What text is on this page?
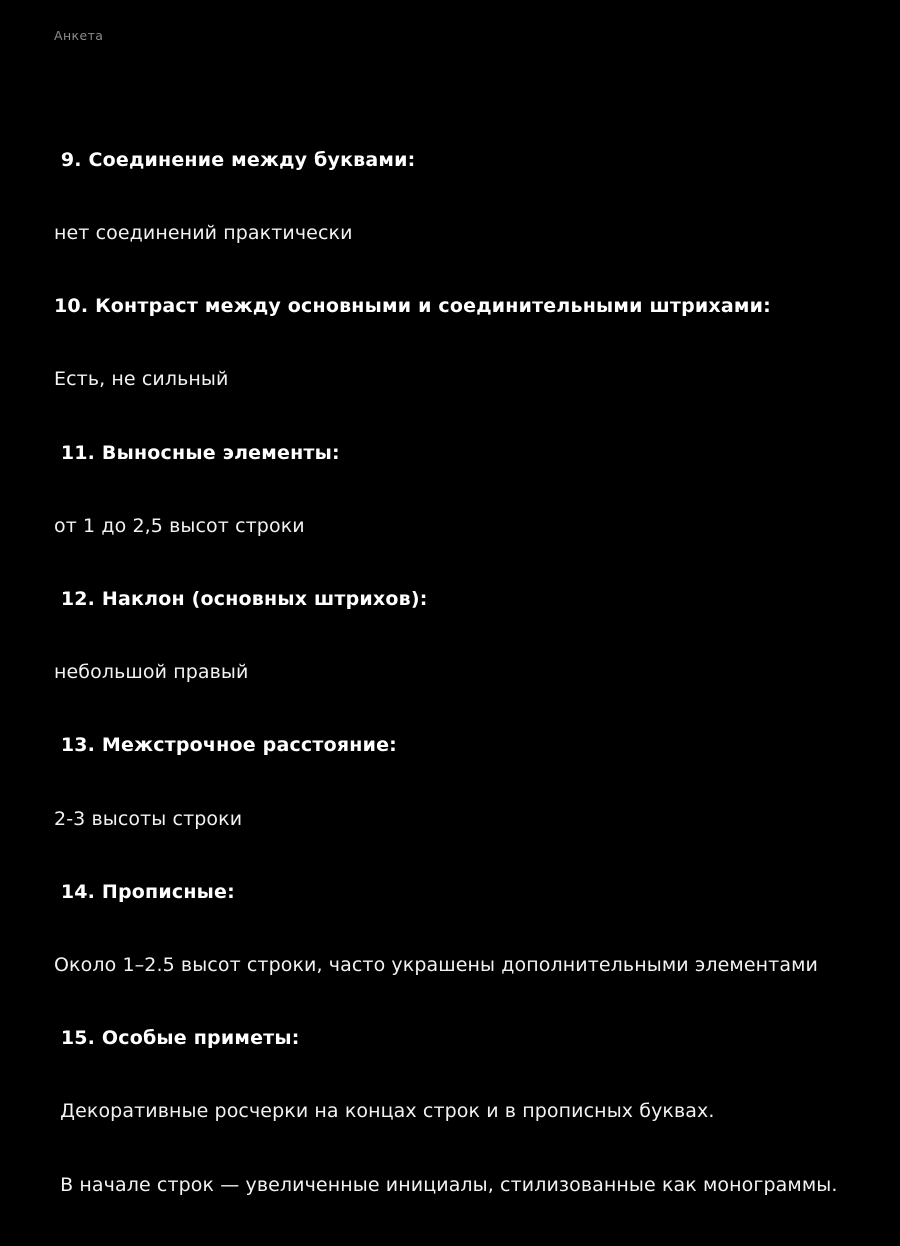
Анкета

9. Соединение между буквами:

нет соединений практически

10. Контраст между основными и соединительными штрихами:

Есть, не сильный

11. Выносные элементы:

от 1 до 2,5 высот строки

12. Наклон (основных штрихов):

небольшой правый

13. Межстрочное расстояние:

2-3 высоты строки

14. Прописные:

Около 1–2.5 высот строки, часто украшены дополнительными элементами

15. Особые приметы:

Декоративные росчерки на концах строк и в прописных буквах.

В начале строк — увеличенные инициалы, стилизованные как монограммы.
